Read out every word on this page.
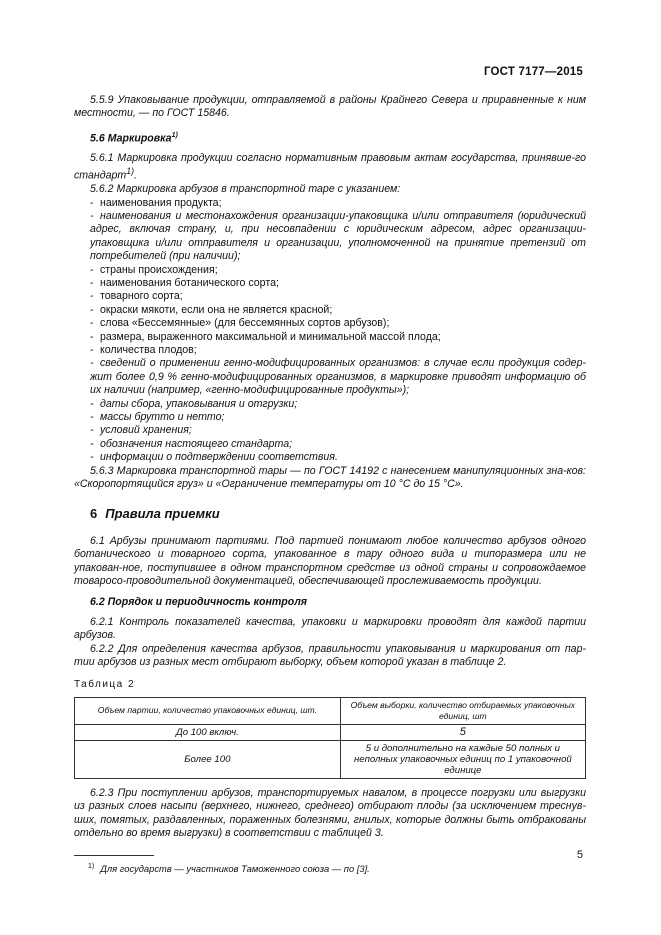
ГОСТ 7177—2015

5.5.9 Упаковывание продукции, отправляемой в районы Крайнего Севера и приравненные к ним местности, — по ГОСТ 15846.

5.6 Маркировка$^{1)}$

5.6.1 Маркировка продукции согласно нормативным правовым актам государства, принявше-го стандарт$^{1)}$.

5.6.2 Маркировка арбузов в транспортной таре с указанием:

- наименования продукта;
- наименования и местонахождения организации-упаковщика и/или отправителя (юридический адрес, включая страну, и, при несовпадении с юридическим адресом, адрес организации-упаковщика и/или отправителя и организации, уполномоченной на принятие претензий от потребителей (при наличии);
- страны происхождения;
- наименования ботанического сорта;
- товарного сорта;
- окраски мякоти, если она не является красной;
- слова «Бессемянные» (для бессемянных сортов арбузов);
- размера, выраженного максимальной и минимальной массой плода;
- количества плодов;
- сведений о применении генно-модифицированных организмов: в случае если продукция содер-жит более 0,9 % генно-модифицированных организмов, в маркировке приводят информацию об их наличии (например, «генно-модифицированные продукты»);
- даты сбора, упаковывания и отгрузки;
- массы брутто и нетто;
- условий хранения;
- обозначения настоящего стандарта;
- информации о подтверждении соответствия.

5.6.3 Маркировка транспортной тары — по ГОСТ 14192 с нанесением манипуляционных зна-ков: «Скоропортящийся груз» и «Ограничение температуры от 10 °С до 15 °С».

6 Правила приемки

6.1 Арбузы принимают партиями. Под партией понимают любое количество арбузов одного ботанического и товарного сорта, упакованное в тару одного вида и типоразмера или не упакован-ное, поступившее в одном транспортном средстве из одной страны и сопровождаемое товаросо-проводительной документацией, обеспечивающей прослеживаемость продукции.

6.2 Порядок и периодичность контроля

6.2.1 Контроль показателей качества, упаковки и маркировки проводят для каждой партии арбузов.

6.2.2 Для определения качества арбузов, правильности упаковывания и маркирования от пар-тии арбузов из разных мест отбирают выборку, объем которой указан в таблице 2.

Таблица 2

Объем партии, количество упаковочных единиц, шт.	Объем выборки, количество отбираемых упаковочных единиц, шт
До 100 включ.	5
Более 100	5 и дополнительно на каждые 50 полных и неполных упаковочных единиц по 1 упаковочной единице

6.2.3 При поступлении арбузов, транспортируемых навалом, в процессе погрузки или выгрузки из разных слоев насыпи (верхнего, нижнего, среднего) отбирают плоды (за исключением треснув-ших, помятых, раздавленных, пораженных болезнями, гнилых, которые должны быть отбракованы отдельно во время выгрузки) в соответствии с таблицей 3.

$^{1)}$ Для государств — участников Таможенного союза — по [3].

5
